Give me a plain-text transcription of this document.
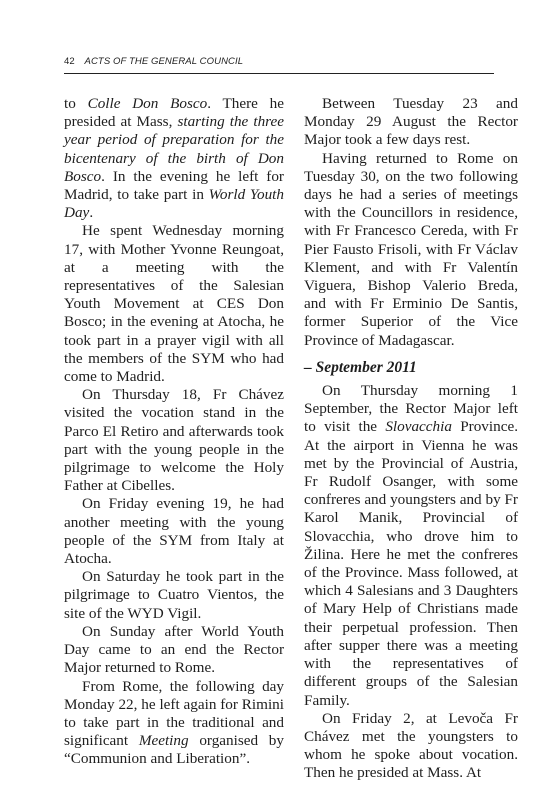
42 ACTS OF THE GENERAL COUNCIL

to Colle Don Bosco. There he presided at Mass, starting the three year period of preparation for the bicentenary of the birth of Don Bosco. In the evening he left for Madrid, to take part in World Youth Day.

He spent Wednesday morning 17, with Mother Yvonne Reungoat, at a meeting with the representatives of the Salesian Youth Movement at CES Don Bosco; in the evening at Atocha, he took part in a prayer vigil with all the members of the SYM who had come to Madrid.

On Thursday 18, Fr Chávez visited the vocation stand in the Parco El Retiro and afterwards took part with the young people in the pilgrimage to welcome the Holy Father at Cibelles.

On Friday evening 19, he had another meeting with the young people of the SYM from Italy at Atocha.

On Saturday he took part in the pilgrimage to Cuatro Vientos, the site of the WYD Vigil.

On Sunday after World Youth Day came to an end the Rector Major returned to Rome.

From Rome, the following day Monday 22, he left again for Rimini to take part in the traditional and significant Meeting organised by “Communion and Liberation”.

Between Tuesday 23 and Monday 29 August the Rector Major took a few days rest.

Having returned to Rome on Tuesday 30, on the two following days he had a series of meetings with the Councillors in residence, with Fr Francesco Cereda, with Fr Pier Fausto Frisoli, with Fr Václav Klement, and with Fr Valentín Viguera, Bishop Valerio Breda, and with Fr Erminio De Santis, former Superior of the Vice Province of Madagascar.

– September 2011

On Thursday morning 1 September, the Rector Major left to visit the Slovacchia Province. At the airport in Vienna he was met by the Provincial of Austria, Fr Rudolf Osanger, with some confreres and youngsters and by Fr Karol Manik, Provincial of Slovacchia, who drove him to Žilina. Here he met the confreres of the Province. Mass followed, at which 4 Salesians and 3 Daughters of Mary Help of Christians made their perpetual profession. Then after supper there was a meeting with the representatives of different groups of the Salesian Family.

On Friday 2, at Levoča Fr Chávez met the youngsters to whom he spoke about vocation. Then he presided at Mass. At
